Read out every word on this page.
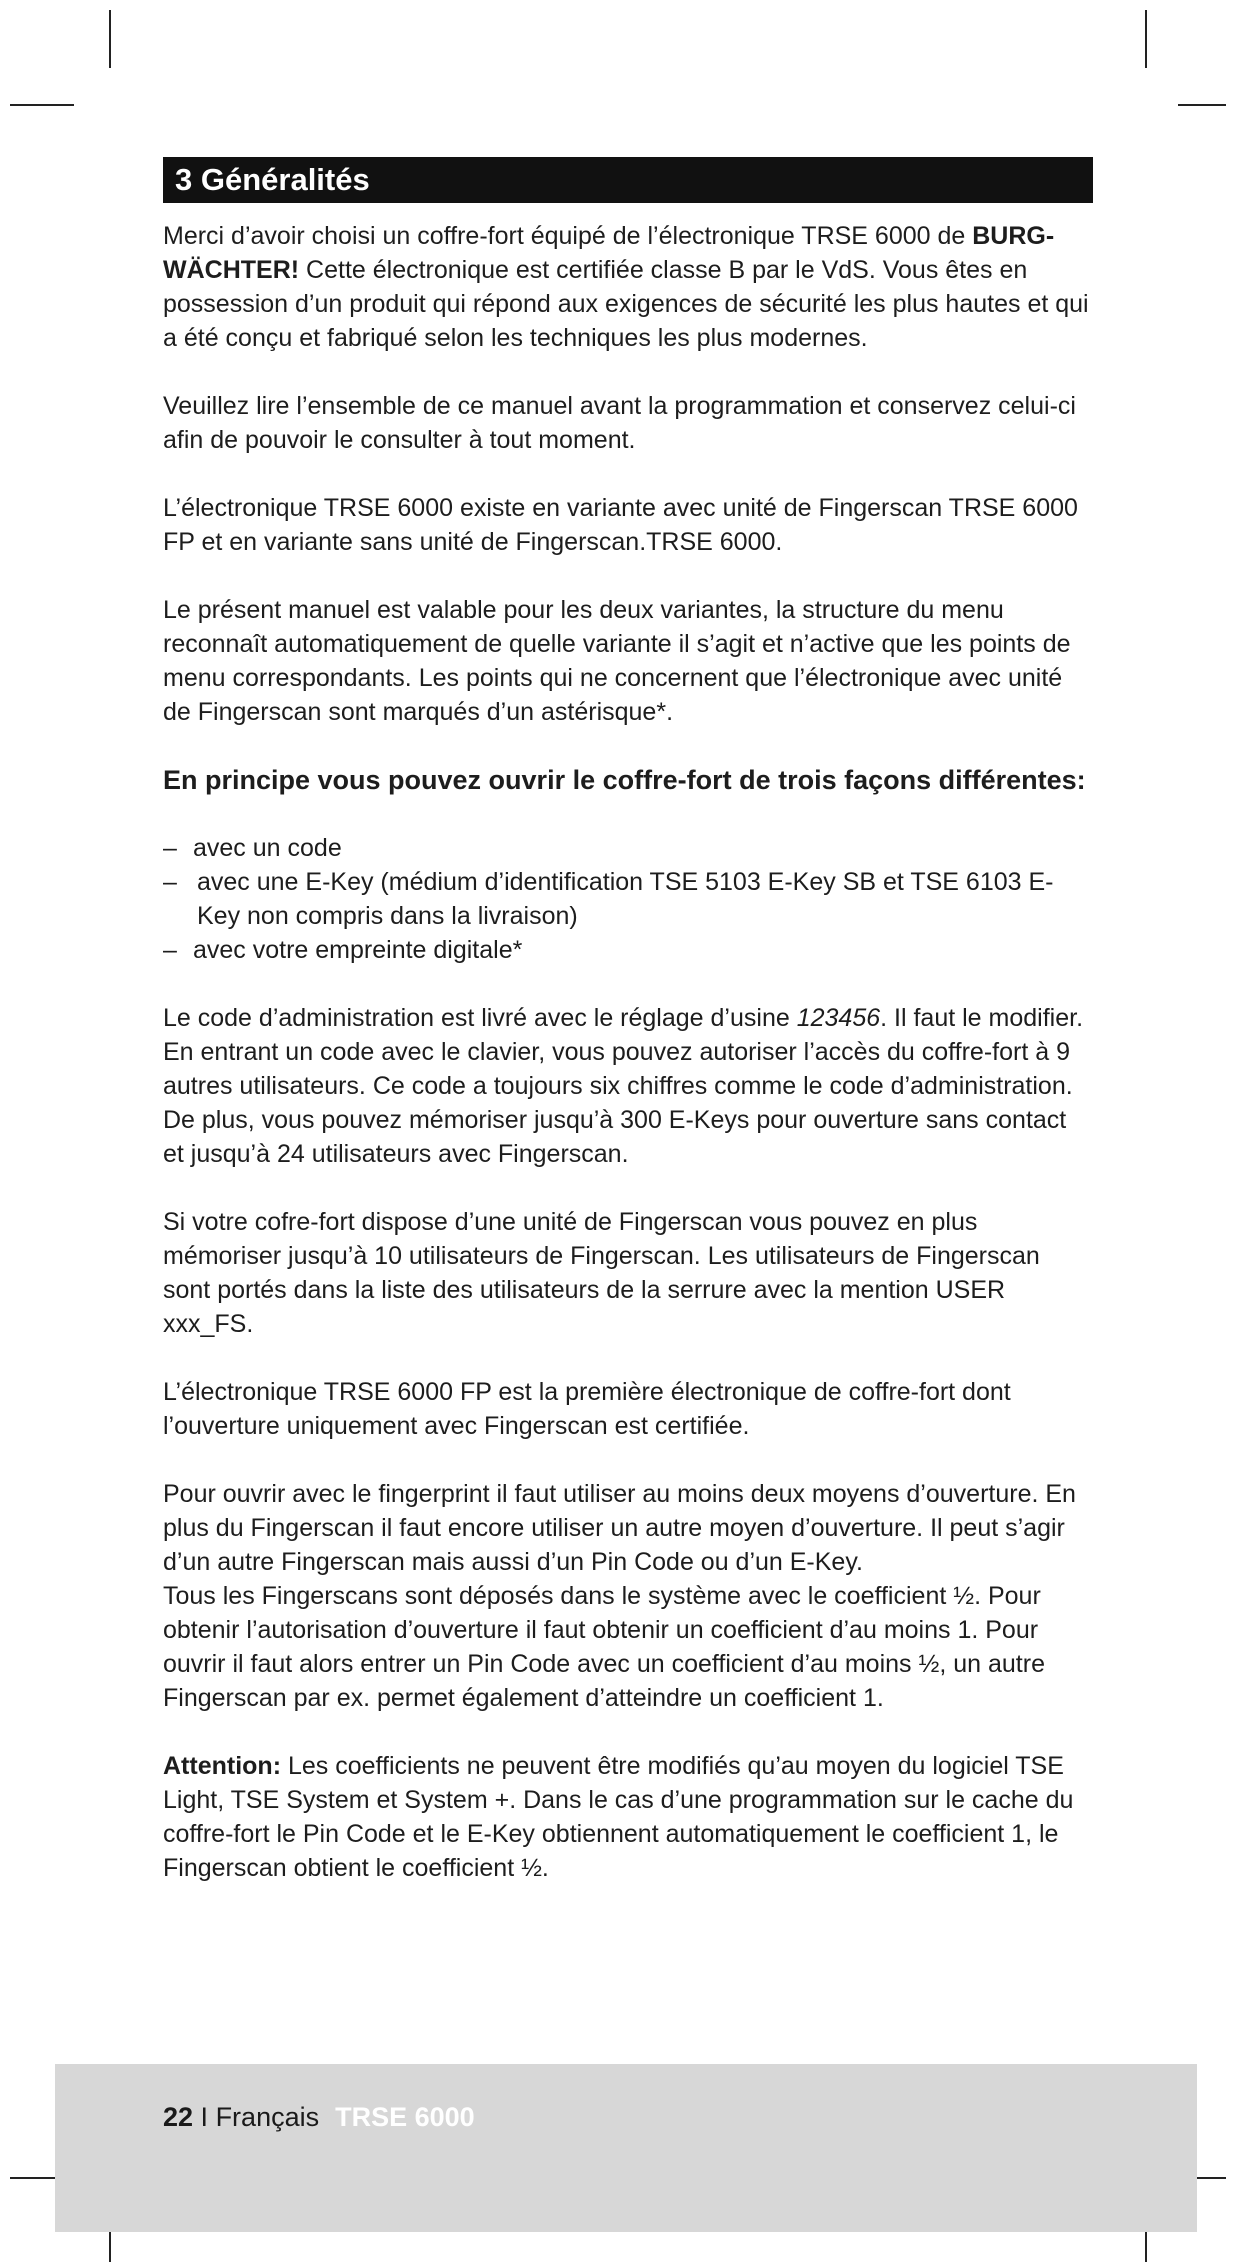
3 Généralités

Merci d’avoir choisi un coffre-fort équipé de l’électronique TRSE 6000 de BURG-WÄCHTER! Cette électronique est certifiée classe B par le VdS. Vous êtes en possession d’un produit qui répond aux exigences de sécurité les plus hautes et qui a été conçu et fabriqué selon les techniques les plus modernes.

Veuillez lire l’ensemble de ce manuel avant la programmation et conservez celui-ci afin de pouvoir le consulter à tout moment.

L’électronique TRSE 6000 existe en variante avec unité de Fingerscan TRSE 6000 FP et en variante sans unité de Fingerscan.TRSE 6000.

Le présent manuel est valable pour les deux variantes, la structure du menu reconnaît automatiquement de quelle variante il s’agit et n’active que les points de menu correspondants. Les points qui ne concernent que l’électronique avec unité de Fingerscan sont marqués d’un astérisque*.

En principe vous pouvez ouvrir le coffre-fort de trois façons différentes:

– avec un code
– avec une E-Key (médium d’identification TSE 5103 E-Key SB et TSE 6103 E-Key non compris dans la livraison)
– avec votre empreinte digitale*

Le code d’administration est livré avec le réglage d’usine 123456. Il faut le modifier. En entrant un code avec le clavier, vous pouvez autoriser l’accès du coffre-fort à 9 autres utilisateurs. Ce code a toujours six chiffres comme le code d’administration.

De plus, vous pouvez mémoriser jusqu’à 300 E-Keys pour ouverture sans contact et jusqu’à 24 utilisateurs avec Fingerscan.

Si votre cofre-fort dispose d’une unité de Fingerscan vous pouvez en plus mémoriser jusqu’à 10 utilisateurs de Fingerscan. Les utilisateurs de Fingerscan sont portés dans la liste des utilisateurs de la serrure avec la mention USER xxx_FS.

L’électronique TRSE 6000 FP est la première électronique de coffre-fort dont l’ouverture uniquement avec Fingerscan est certifiée.

Pour ouvrir avec le fingerprint il faut utiliser au moins deux moyens d’ouverture. En plus du Fingerscan il faut encore utiliser un autre moyen d’ouverture. Il peut s’agir d’un autre Fingerscan mais aussi d’un Pin Code ou d’un E-Key.

Tous les Fingerscans sont déposés dans le système avec le coefficient ½. Pour obtenir l’autorisation d’ouverture il faut obtenir un coefficient d’au moins 1. Pour ouvrir il faut alors entrer un Pin Code avec un coefficient d’au moins ½, un autre Fingerscan par ex. permet également d’atteindre un coefficient 1.

Attention: Les coefficients ne peuvent être modifiés qu’au moyen du logiciel TSE Light, TSE System et System +. Dans le cas d’une programmation sur le cache du coffre-fort le Pin Code et le E-Key obtiennent automatiquement le coefficient 1, le Fingerscan obtient le coefficient ½.

22 I Français TRSE 6000
